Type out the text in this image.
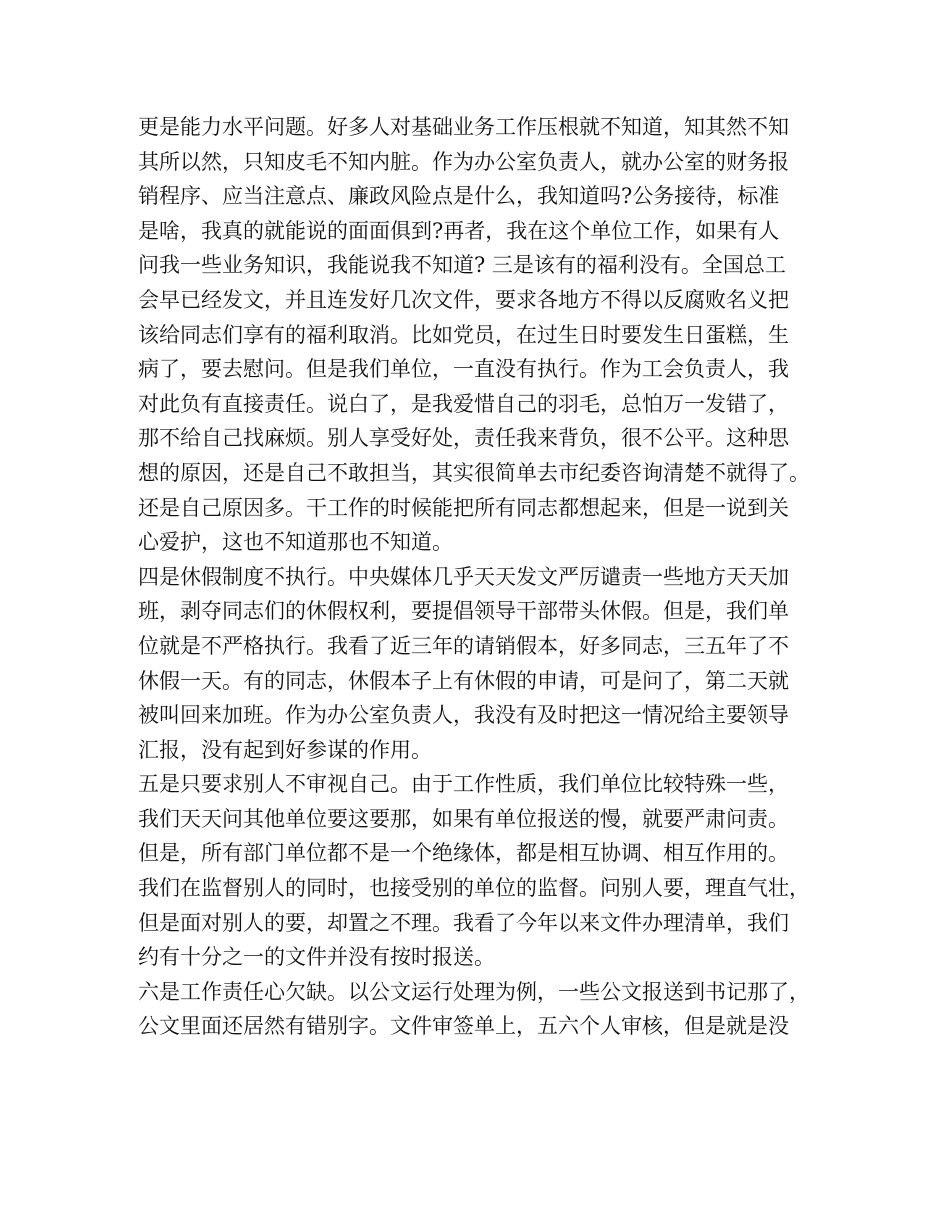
更是能力水平问题。好多人对基础业务工作压根就不知道，知其然不知
其所以然，只知皮毛不知内脏。作为办公室负责人，就办公室的财务报
销程序、应当注意点、廉政风险点是什么，我知道吗?公务接待，标准
是啥，我真的就能说的面面俱到?再者，我在这个单位工作，如果有人
问我一些业务知识，我能说我不知道? 三是该有的福利没有。全国总工
会早已经发文，并且连发好几次文件，要求各地方不得以反腐败名义把
该给同志们享有的福利取消。比如党员，在过生日时要发生日蛋糕，生
病了，要去慰问。但是我们单位，一直没有执行。作为工会负责人，我
对此负有直接责任。说白了，是我爱惜自己的羽毛，总怕万一发错了，
那不给自己找麻烦。别人享受好处，责任我来背负，很不公平。这种思
想的原因，还是自己不敢担当，其实很简单去市纪委咨询清楚不就得了。
还是自己原因多。干工作的时候能把所有同志都想起来，但是一说到关
心爱护，这也不知道那也不知道。
四是休假制度不执行。中央媒体几乎天天发文严厉谴责一些地方天天加
班，剥夺同志们的休假权利，要提倡领导干部带头休假。但是，我们单
位就是不严格执行。我看了近三年的请销假本，好多同志，三五年了不
休假一天。有的同志，休假本子上有休假的申请，可是问了，第二天就
被叫回来加班。作为办公室负责人，我没有及时把这一情况给主要领导
汇报，没有起到好参谋的作用。
五是只要求别人不审视自己。由于工作性质，我们单位比较特殊一些，
我们天天问其他单位要这要那，如果有单位报送的慢，就要严肃问责。
但是，所有部门单位都不是一个绝缘体，都是相互协调、相互作用的。
我们在监督别人的同时，也接受别的单位的监督。问别人要，理直气壮，
但是面对别人的要，却置之不理。我看了今年以来文件办理清单，我们
约有十分之一的文件并没有按时报送。
六是工作责任心欠缺。以公文运行处理为例，一些公文报送到书记那了，
公文里面还居然有错别字。文件审签单上，五六个人审核，但是就是没
